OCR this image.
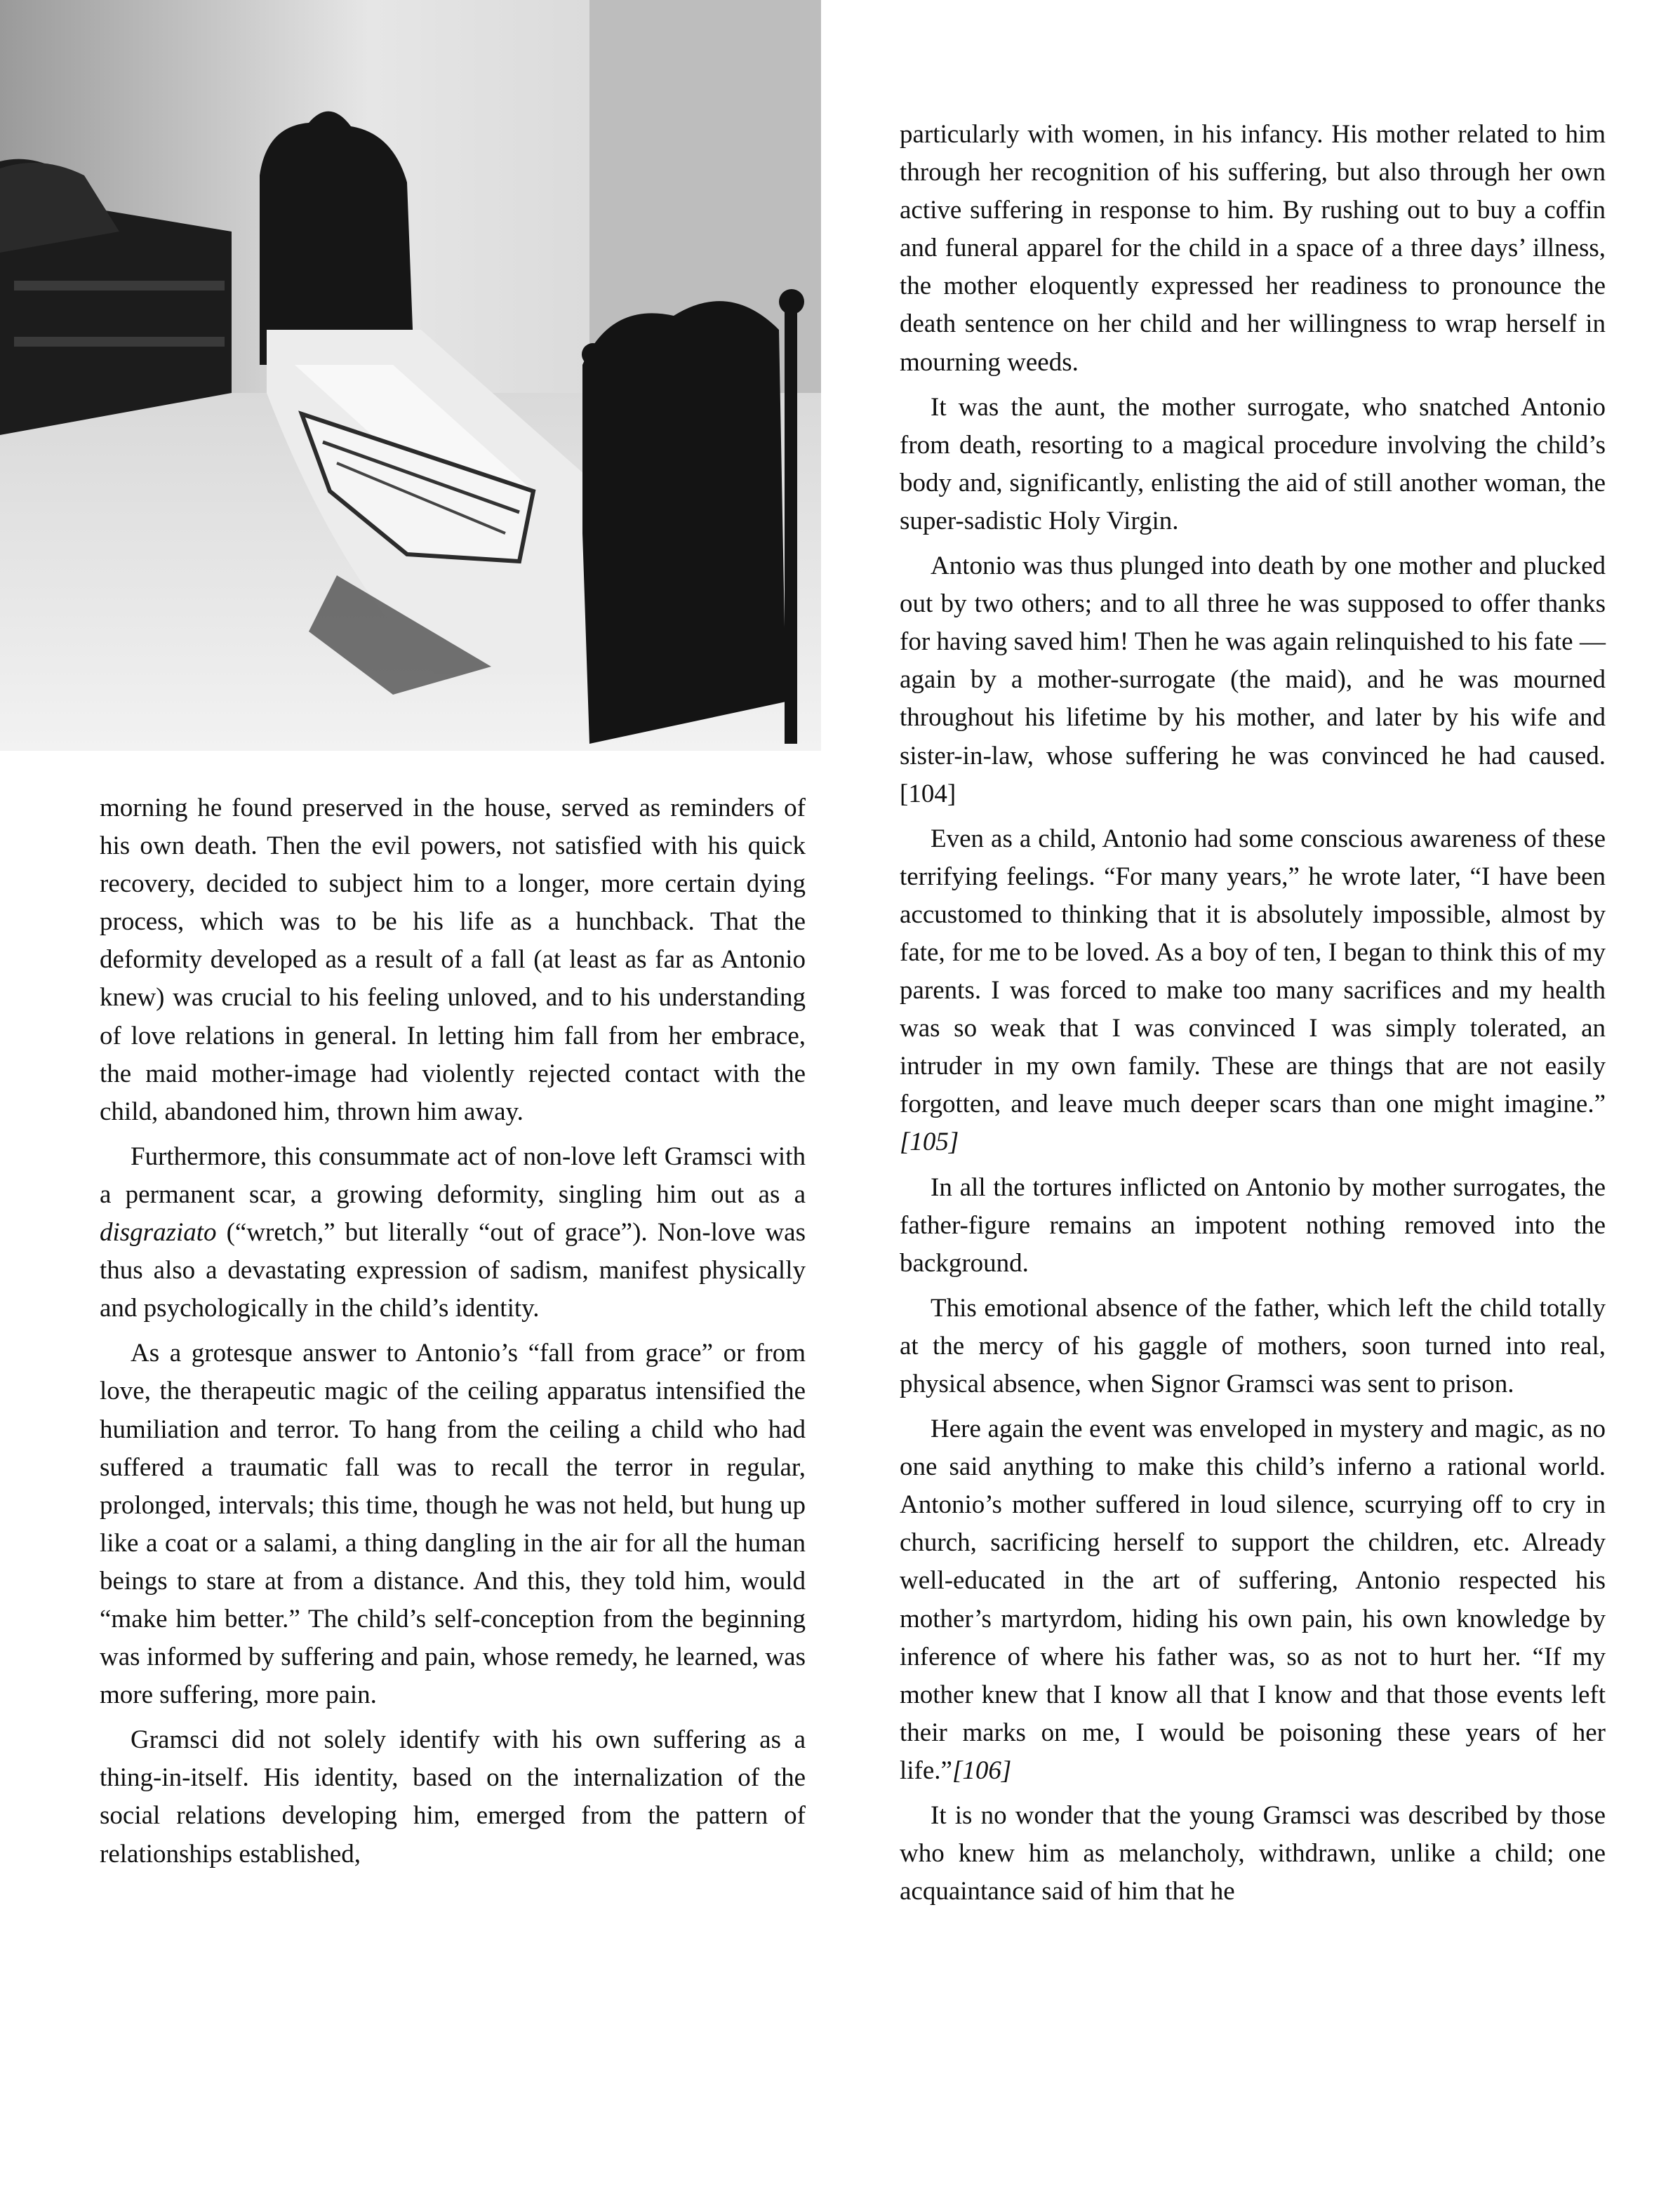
morning he found preserved in the house, served as reminders of his own death. Then the evil powers, not satisfied with his quick recovery, decided to subject him to a longer, more certain dying process, which was to be his life as a hunchback. That the deformity developed as a result of a fall (at least as far as Antonio knew) was crucial to his feeling unloved, and to his understanding of love relations in general. In letting him fall from her embrace, the maid mother-image had violently rejected contact with the child, abandoned him, thrown him away.

Furthermore, this consummate act of non-love left Gramsci with a permanent scar, a growing deformity, singling him out as a disgraziato (“wretch,” but literally “out of grace”). Non-love was thus also a devastating expression of sadism, manifest physically and psychologically in the child’s identity.

As a grotesque answer to Antonio’s “fall from grace” or from love, the therapeutic magic of the ceiling apparatus intensified the humiliation and terror. To hang from the ceiling a child who had suffered a traumatic fall was to recall the terror in regular, prolonged, intervals; this time, though he was not held, but hung up like a coat or a salami, a thing dangling in the air for all the human beings to stare at from a distance. And this, they told him, would “make him better.” The child’s self-conception from the beginning was informed by suffering and pain, whose remedy, he learned, was more suffering, more pain.

Gramsci did not solely identify with his own suffering as a thing-in-itself. His identity, based on the internalization of the social relations developing him, emerged from the pattern of relationships established,

particularly with women, in his infancy. His mother related to him through her recognition of his suffering, but also through her own active suffering in response to him. By rushing out to buy a coffin and funeral apparel for the child in a space of a three days’ illness, the mother eloquently expressed her readiness to pronounce the death sentence on her child and her willingness to wrap herself in mourning weeds.

It was the aunt, the mother surrogate, who snatched Antonio from death, resorting to a magical procedure involving the child’s body and, significantly, enlisting the aid of still another woman, the super-sadistic Holy Virgin.

Antonio was thus plunged into death by one mother and plucked out by two others; and to all three he was supposed to offer thanks for having saved him! Then he was again relinquished to his fate — again by a mother-surrogate (the maid), and he was mourned throughout his lifetime by his mother, and later by his wife and sister-in-law, whose suffering he was convinced he had caused.[104]

Even as a child, Antonio had some conscious awareness of these terrifying feelings. “For many years,” he wrote later, “I have been accustomed to thinking that it is absolutely impossible, almost by fate, for me to be loved. As a boy of ten, I began to think this of my parents. I was forced to make too many sacrifices and my health was so weak that I was convinced I was simply tolerated, an intruder in my own family. These are things that are not easily forgotten, and leave much deeper scars than one might imagine.” [105]

In all the tortures inflicted on Antonio by mother surrogates, the father-figure remains an impotent nothing removed into the background.

This emotional absence of the father, which left the child totally at the mercy of his gaggle of mothers, soon turned into real, physical absence, when Signor Gramsci was sent to prison.

Here again the event was enveloped in mystery and magic, as no one said anything to make this child’s inferno a rational world. Antonio’s mother suffered in loud silence, scurrying off to cry in church, sacrificing herself to support the children, etc. Already well-educated in the art of suffering, Antonio respected his mother’s martyrdom, hiding his own pain, his own knowledge by inference of where his father was, so as not to hurt her. “If my mother knew that I know all that I know and that those events left their marks on me, I would be poisoning these years of her life.”[106]

It is no wonder that the young Gramsci was described by those who knew him as melancholy, withdrawn, unlike a child; one acquaintance said of him that he
